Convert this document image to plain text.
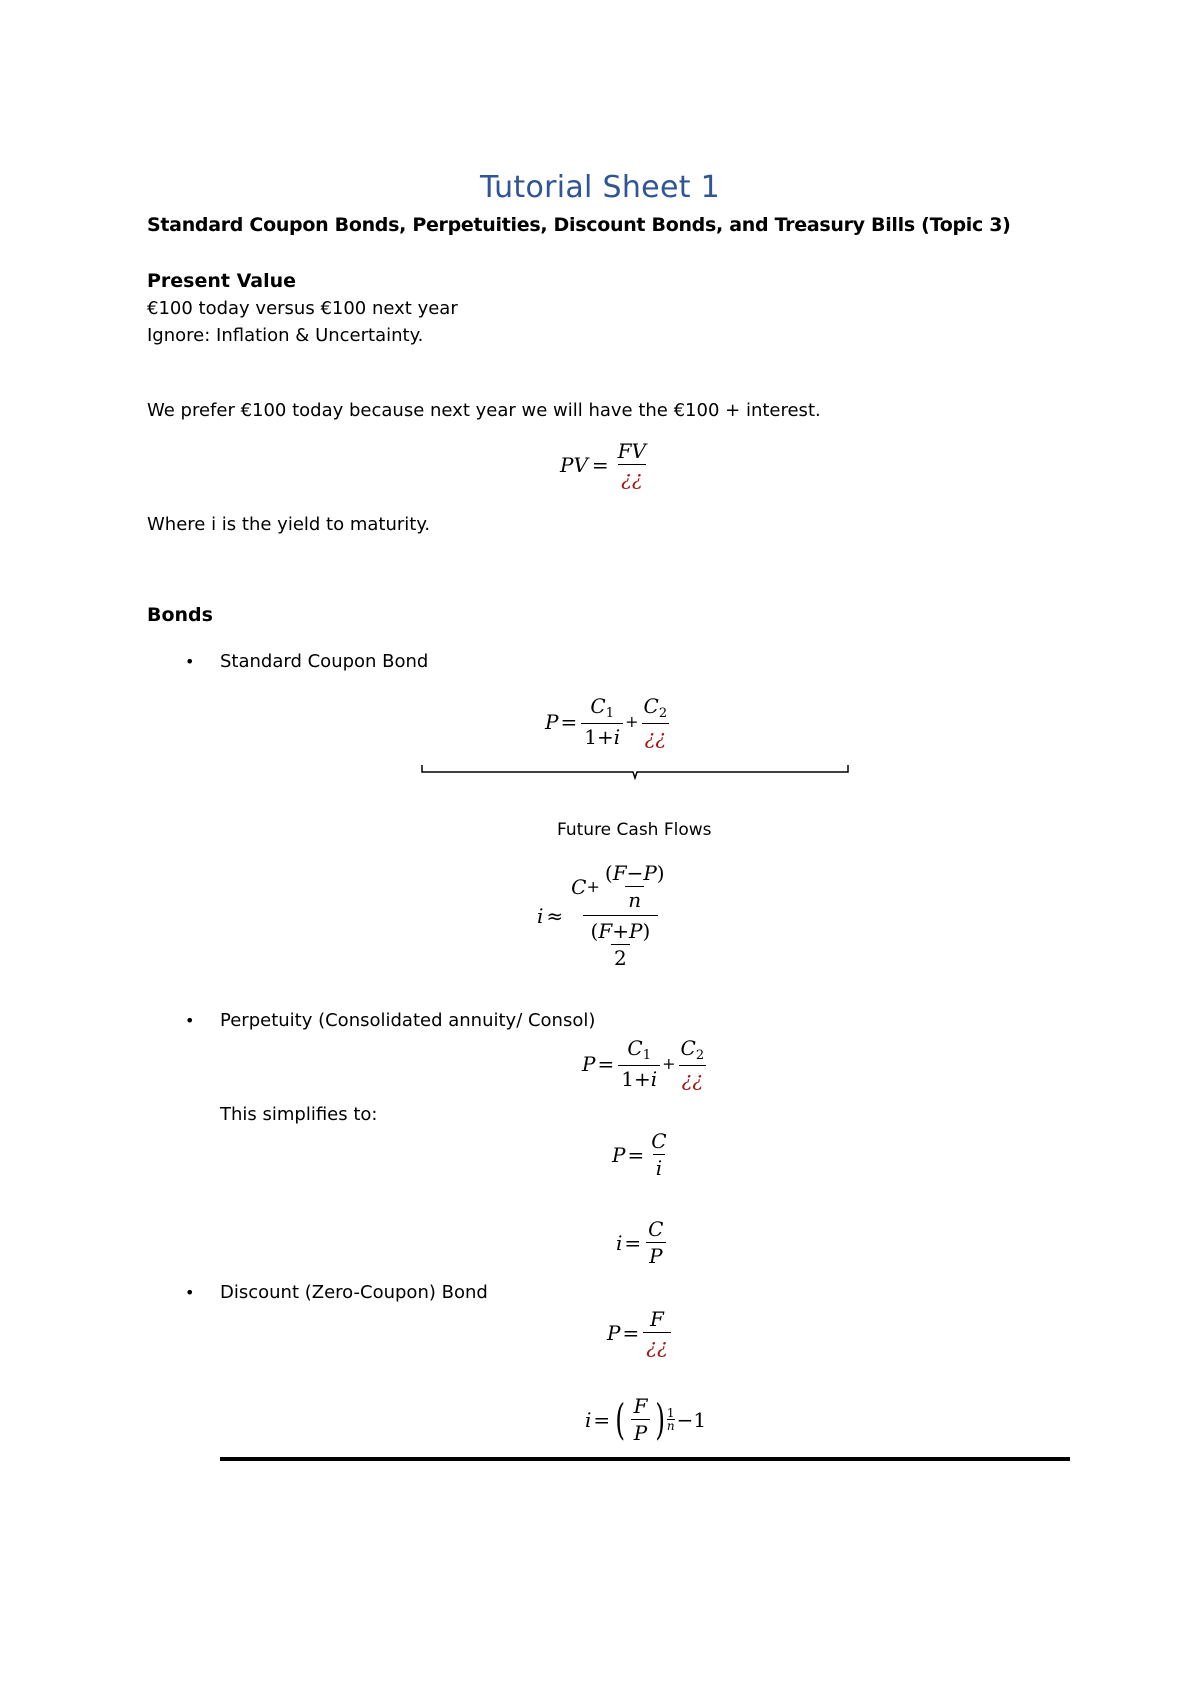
Tutorial Sheet 1
Standard Coupon Bonds, Perpetuities, Discount Bonds, and Treasury Bills (Topic 3)
Present Value
€100 today versus €100 next year
Ignore: Inflation & Uncertainty.
We prefer €100 today because next year we will have the €100 + interest.
PV = $\frac{FV}{¿¿}$
Where i is the yield to maturity.
Bonds
• Standard Coupon Bond
$P = \frac{C_1}{1+i} + \frac{C_2}{¿¿}$
Future Cash Flows
$i \approx \frac{C + \frac{(F-P)}{n}}{\frac{(F+P)}{2}}$
• Perpetuity (Consolidated annuity/ Consol)
$P = \frac{C_1}{1+i} + \frac{C_2}{¿¿}$
This simplifies to:
$P = \frac{C}{i}$
$i = \frac{C}{P}$
• Discount (Zero-Coupon) Bond
$P = \frac{F}{¿¿}$
i = ( $\frac{F}{P}$ ) $\frac{1}{n} -1$
